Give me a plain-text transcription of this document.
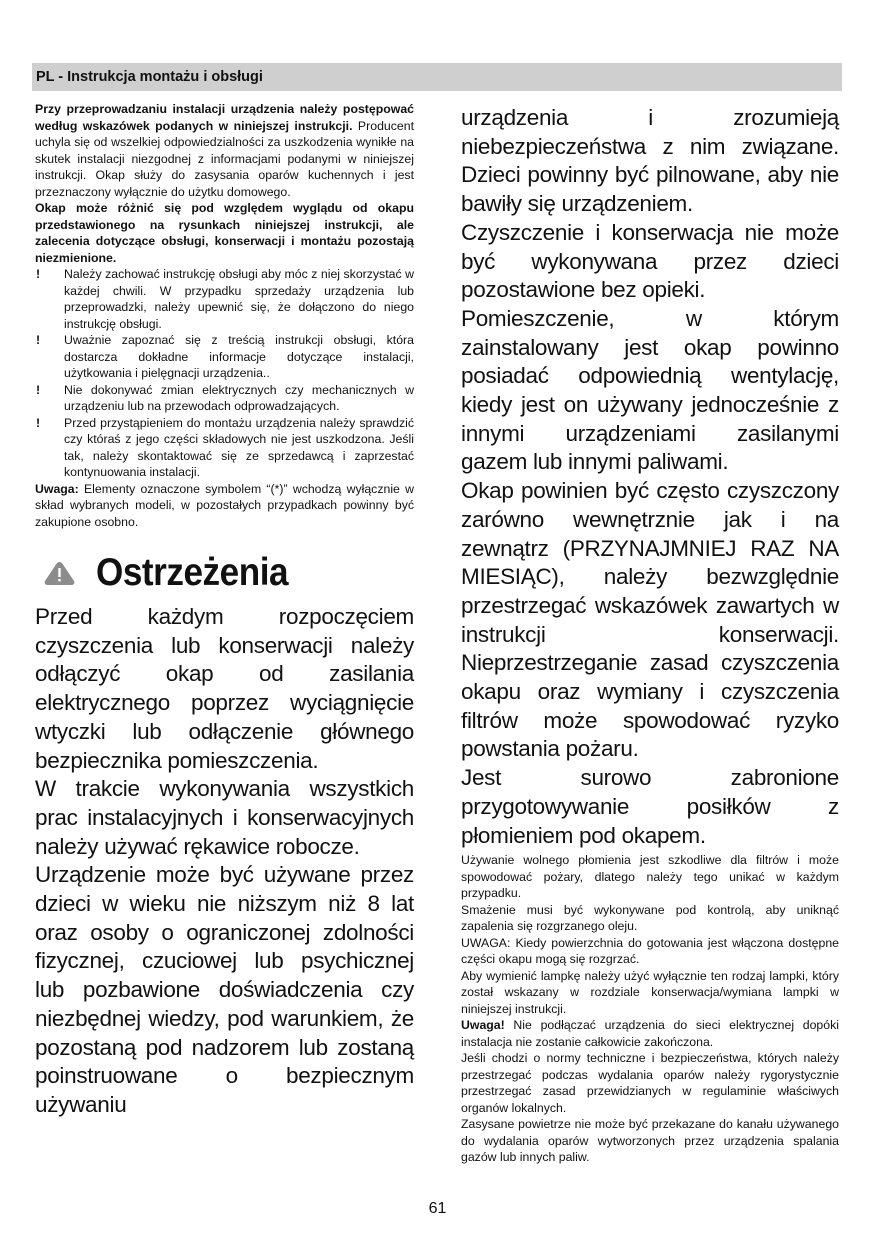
PL - Instrukcja montażu i obsługi

Przy przeprowadzaniu instalacji urządzenia należy postępować według wskazówek podanych w niniejszej instrukcji. Producent uchyla się od wszelkiej odpowiedzialności za uszkodzenia wynikłe na skutek instalacji niezgodnej z informacjami podanymi w niniejszej instrukcji. Okap służy do zasysania oparów kuchennych i jest przeznaczony wyłącznie do użytku domowego.

Okap może różnić się pod względem wyglądu od okapu przedstawionego na rysunkach niniejszej instrukcji, ale zalecenia dotyczące obsługi, konserwacji i montażu pozostają niezmienione.

! Należy zachować instrukcję obsługi aby móc z niej skorzystać w każdej chwili. W przypadku sprzedaży urządzenia lub przeprowadzki, należy upewnić się, że dołączono do niego instrukcję obsługi.
! Uważnie zapoznać się z treścią instrukcji obsługi, która dostarcza dokładne informacje dotyczące instalacji, użytkowania i pielęgnacji urządzenia..
! Nie dokonywać zmian elektrycznych czy mechanicznych w urządzeniu lub na przewodach odprowadzających.
! Przed przystąpieniem do montażu urządzenia należy sprawdzić czy któraś z jego części składowych nie jest uszkodzona. Jeśli tak, należy skontaktować się ze sprzedawcą i zaprzestać kontynuowania instalacji.

Uwaga: Elementy oznaczone symbolem “(*)” wchodzą wyłącznie w skład wybranych modeli, w pozostałych przypadkach powinny być zakupione osobno.

Ostrzeżenia

Przed każdym rozpoczęciem czyszczenia lub konserwacji należy odłączyć okap od zasilania elektrycznego poprzez wyciągnięcie wtyczki lub odłączenie głównego bezpiecznika pomieszczenia.

W trakcie wykonywania wszystkich prac instalacyjnych i konserwacyjnych należy używać rękawice robocze.

Urządzenie może być używane przez dzieci w wieku nie niższym niż 8 lat oraz osoby o ograniczonej zdolności fizycznej, czuciowej lub psychicznej lub pozbawione doświadczenia czy niezbędnej wiedzy, pod warunkiem, że pozostaną pod nadzorem lub zostaną poinstruowane o bezpiecznym używaniu

urządzenia i zrozumieją niebezpieczeństwa z nim związane. Dzieci powinny być pilnowane, aby nie bawiły się urządzeniem.

Czyszczenie i konserwacja nie może być wykonywana przez dzieci pozostawione bez opieki.

Pomieszczenie, w którym zainstalowany jest okap powinno posiadać odpowiednią wentylację, kiedy jest on używany jednocześnie z innymi urządzeniami zasilanymi gazem lub innymi paliwami.

Okap powinien być często czyszczony zarówno wewnętrznie jak i na zewnątrz (PRZYNAJMNIEJ RAZ NA MIESIĄC), należy bezwzględnie przestrzegać wskazówek zawartych w instrukcji konserwacji. Nieprzestrzeganie zasad czyszczenia okapu oraz wymiany i czyszczenia filtrów może spowodować ryzyko powstania pożaru.

Jest surowo zabronione przygotowywanie posiłków z płomieniem pod okapem.

Używanie wolnego płomienia jest szkodliwe dla filtrów i może spowodować pożary, dlatego należy tego unikać w każdym przypadku.

Smażenie musi być wykonywane pod kontrolą, aby uniknąć zapalenia się rozgrzanego oleju.

UWAGA: Kiedy powierzchnia do gotowania jest włączona dostępne części okapu mogą się rozgrzać.

Aby wymienić lampkę należy użyć wyłącznie ten rodzaj lampki, który został wskazany w rozdziale konserwacja/wymiana lampki w niniejszej instrukcji.

Uwaga! Nie podłączać urządzenia do sieci elektrycznej dopóki instalacja nie zostanie całkowicie zakończona.

Jeśli chodzi o normy techniczne i bezpieczeństwa, których należy przestrzegać podczas wydalania oparów należy rygorystycznie przestrzegać zasad przewidzianych w regulaminie właściwych organów lokalnych.

Zasysane powietrze nie może być przekazane do kanału używanego do wydalania oparów wytworzonych przez urządzenia spalania gazów lub innych paliw.

61
